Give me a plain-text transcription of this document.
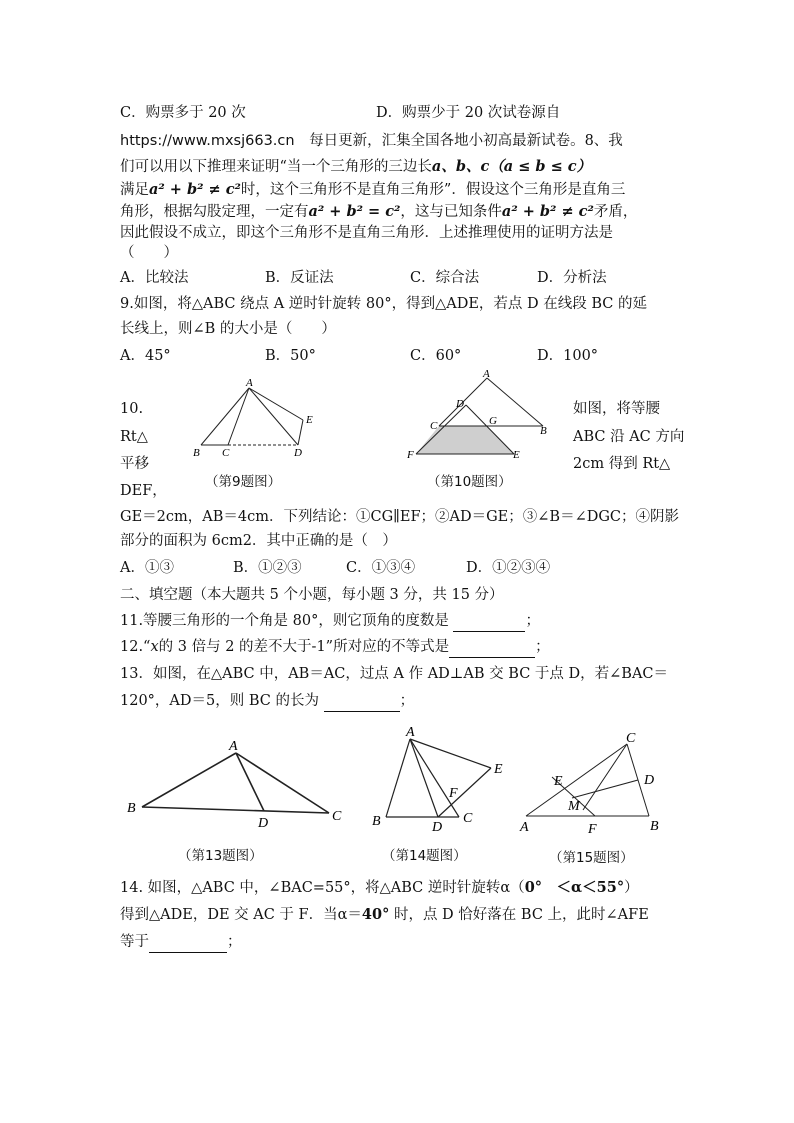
C．购票多于 20 次	D．购票少于 20 次试卷源自
https://www.mxsj663.cn　每日更新，汇集全国各地小初高最新试卷。8、我
们可以用以下推理来证明“当一个三角形的三边长a、b、c（a ≤ b ≤ c）
满足a² + b² ≠ c²时，这个三角形不是直角三角形”．假设这个三角形是直角三
角形，根据勾股定理，一定有a² + b² = c²，这与已知条件a² + b² ≠ c²矛盾，
因此假设不成立，即这个三角形不是直角三角形．上述推理使用的证明方法是
（　　）
A．比较法	B．反证法	C．综合法	D．分析法
9.如图，将△ABC 绕点 A 逆时针旋转 80°，得到△ADE，若点 D 在线段 BC 的延
长线上，则∠B 的大小是（　　）
A．45°	B．50°	C．60°	D．100°
10.
Rt△
平移
DEF，
如图，将等腰
ABC 沿 AC 方向
2cm 得到 Rt△
A
B C	D
E
（第9题图）
A
D
C	G
B
F	E
（第10题图）
GE＝2cm，AB＝4cm．下列结论：①CG∥EF；②AD＝GE；③∠B＝∠DGC；④阴影
部分的面积为 6cm2．其中正确的是（　）
A．①③	B．①②③	C．①③④	D．①②③④
二、填空题（本大题共 5 个小题，每小题 3 分，共 15 分）
11.等腰三角形的一个角是 80°，则它顶角的度数是	；
12.“x的 3 倍与 2 的差不大于-1”所对应的不等式是	；
13．如图，在△ABC 中，AB＝AC，过点 A 作 AD⊥AB 交 BC 于点 D，若∠BAC＝
120°，AD＝5，则 BC 的长为	；
A
B
D	C
（第13题图）
A
E
F
B	D
C
（第14题图）
C
E	D
M
A	F	B
（第15题图）
14. 如图，△ABC 中，∠BAC=55°，将△ABC 逆时针旋转α（0°　＜α＜55°）
得到△ADE，DE 交 AC 于 F．当α＝40° 时，点 D 恰好落在 BC 上，此时∠AFE
等于	；
